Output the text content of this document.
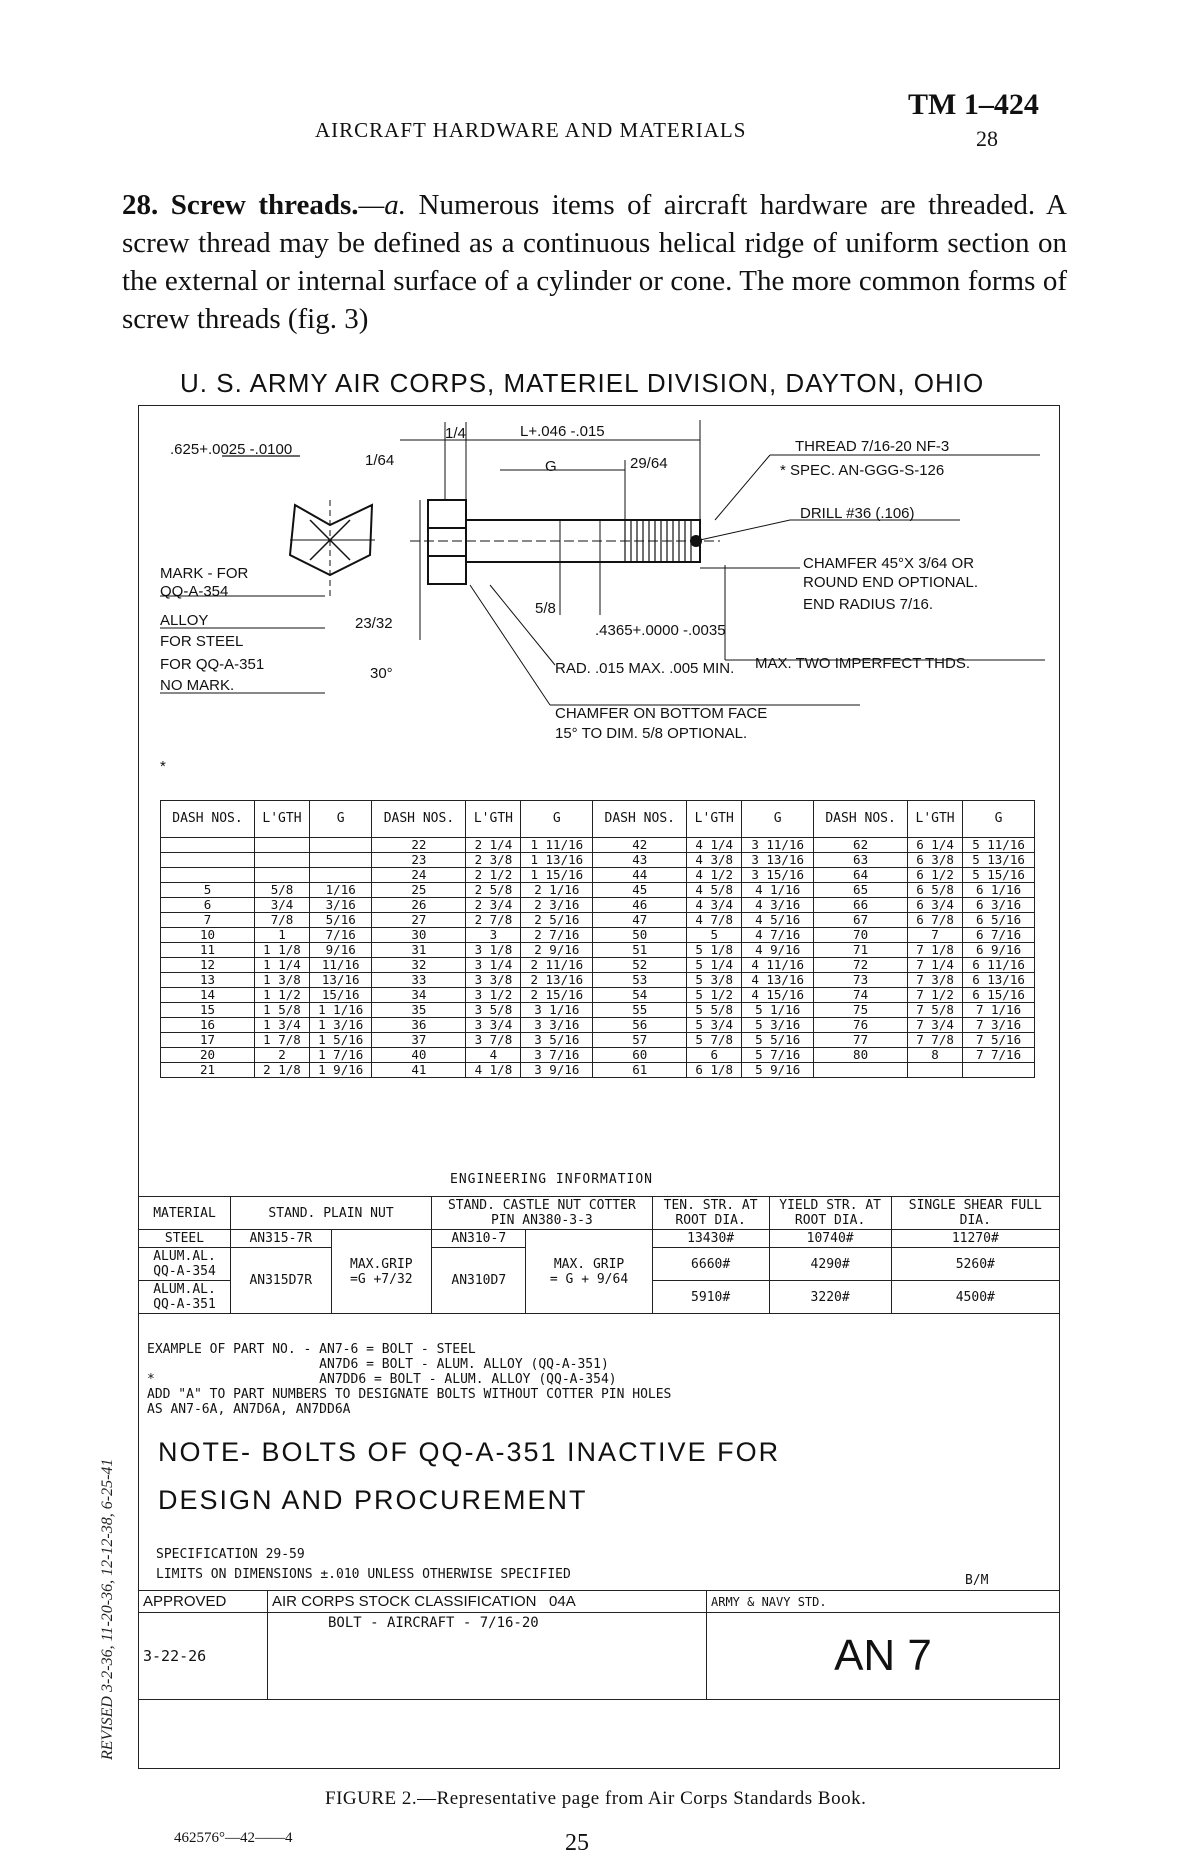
AIRCRAFT HARDWARE AND MATERIALS
TM 1–424
28
28. Screw threads.—a. Numerous items of aircraft hardware are threaded. A screw thread may be defined as a continuous helical ridge of uniform section on the external or internal surface of a cylinder or cone. The more common forms of screw threads (fig. 3)
U. S. ARMY AIR CORPS, MATERIEL DIVISION, DAYTON, OHIO
.625+.0025 -.0100
1/64
1/4	L+.046 -.015
G	29/64
THREAD 7/16-20 NF-3
* SPEC. AN-GGG-S-126
DRILL #36 (.106)
CHAMFER 45°X 3/64 OR
ROUND END OPTIONAL.
END RADIUS 7/16.
MARK - FOR
QQ-A-354
ALLOY
FOR STEEL
FOR QQ-A-351
NO MARK.
23/32
5/8
.4365+.0000 -.0035
30°	RAD. .015 MAX. .005 MIN. MAX. TWO IMPERFECT THDS.
CHAMFER ON BOTTOM FACE
15° TO DIM. 5/8 OPTIONAL.
*
DASH NOS.	L'GTH	G	DASH NOS.	L'GTH	G	DASH NOS.	L'GTH	G	DASH NOS.	L'GTH	G
			22	2 1/4	1 11/16	42	4 1/4	3 11/16	62	6 1/4	5 11/16
			23	2 3/8	1 13/16	43	4 3/8	3 13/16	63	6 3/8	5 13/16
			24	2 1/2	1 15/16	44	4 1/2	3 15/16	64	6 1/2	5 15/16
5	5/8	1/16	25	2 5/8	2 1/16	45	4 5/8	4 1/16	65	6 5/8	6 1/16
6	3/4	3/16	26	2 3/4	2 3/16	46	4 3/4	4 3/16	66	6 3/4	6 3/16
7	7/8	5/16	27	2 7/8	2 5/16	47	4 7/8	4 5/16	67	6 7/8	6 5/16
10	1	7/16	30	3	2 7/16	50	5	4 7/16	70	7	6 7/16
11	1 1/8	9/16	31	3 1/8	2 9/16	51	5 1/8	4 9/16	71	7 1/8	6 9/16
12	1 1/4	11/16	32	3 1/4	2 11/16	52	5 1/4	4 11/16	72	7 1/4	6 11/16
13	1 3/8	13/16	33	3 3/8	2 13/16	53	5 3/8	4 13/16	73	7 3/8	6 13/16
14	1 1/2	15/16	34	3 1/2	2 15/16	54	5 1/2	4 15/16	74	7 1/2	6 15/16
15	1 5/8	1 1/16	35	3 5/8	3 1/16	55	5 5/8	5 1/16	75	7 5/8	7 1/16
16	1 3/4	1 3/16	36	3 3/4	3 3/16	56	5 3/4	5 3/16	76	7 3/4	7 3/16
17	1 7/8	1 5/16	37	3 7/8	3 5/16	57	5 7/8	5 5/16	77	7 7/8	7 5/16
20	2	1 7/16	40	4	3 7/16	60	6	5 7/16	80	8	7 7/16
21	2 1/8	1 9/16	41	4 1/8	3 9/16	61	6 1/8	5 9/16			
ENGINEERING INFORMATION
MATERIAL	STAND. PLAIN NUT		STAND. CASTLE NUT COTTER PIN AN380-3-3		TEN. STR. AT ROOT DIA.	YIELD STR. AT ROOT DIA.	SINGLE SHEAR FULL DIA.
STEEL	AN315-7R	MAX.GRIP
=G +7/32	AN310-7	MAX. GRIP
= G + 9/64	13430#	10740#	11270#
ALUM.AL. QQ-A-354	AN315D7R		AN310D7		6660#	4290#	5260#
ALUM.AL. QQ-A-351					5910#	3220#	4500#
EXAMPLE OF PART NO. - AN7-6 = BOLT - STEEL
AN7D6 = BOLT - ALUM. ALLOY (QQ-A-351)
*                     AN7DD6 = BOLT - ALUM. ALLOY (QQ-A-354)
ADD "A" TO PART NUMBERS TO DESIGNATE BOLTS WITHOUT COTTER PIN HOLES
AS AN7-6A, AN7D6A, AN7DD6A
NOTE- BOLTS OF QQ-A-351 INACTIVE FOR
DESIGN AND PROCUREMENT
SPECIFICATION 29-59
LIMITS ON DIMENSIONS ±.010 UNLESS OTHERWISE SPECIFIED	B/M
APPROVED	AIR CORPS STOCK CLASSIFICATION 04A	ARMY & NAVY STD.
3-22-26	BOLT - AIRCRAFT - 7/16-20	AN 7
REVISED 3-2-36, 11-20-36, 12-12-38, 6-25-41
FIGURE 2.—Representative page from Air Corps Standards Book.
462576°—42——4	25
